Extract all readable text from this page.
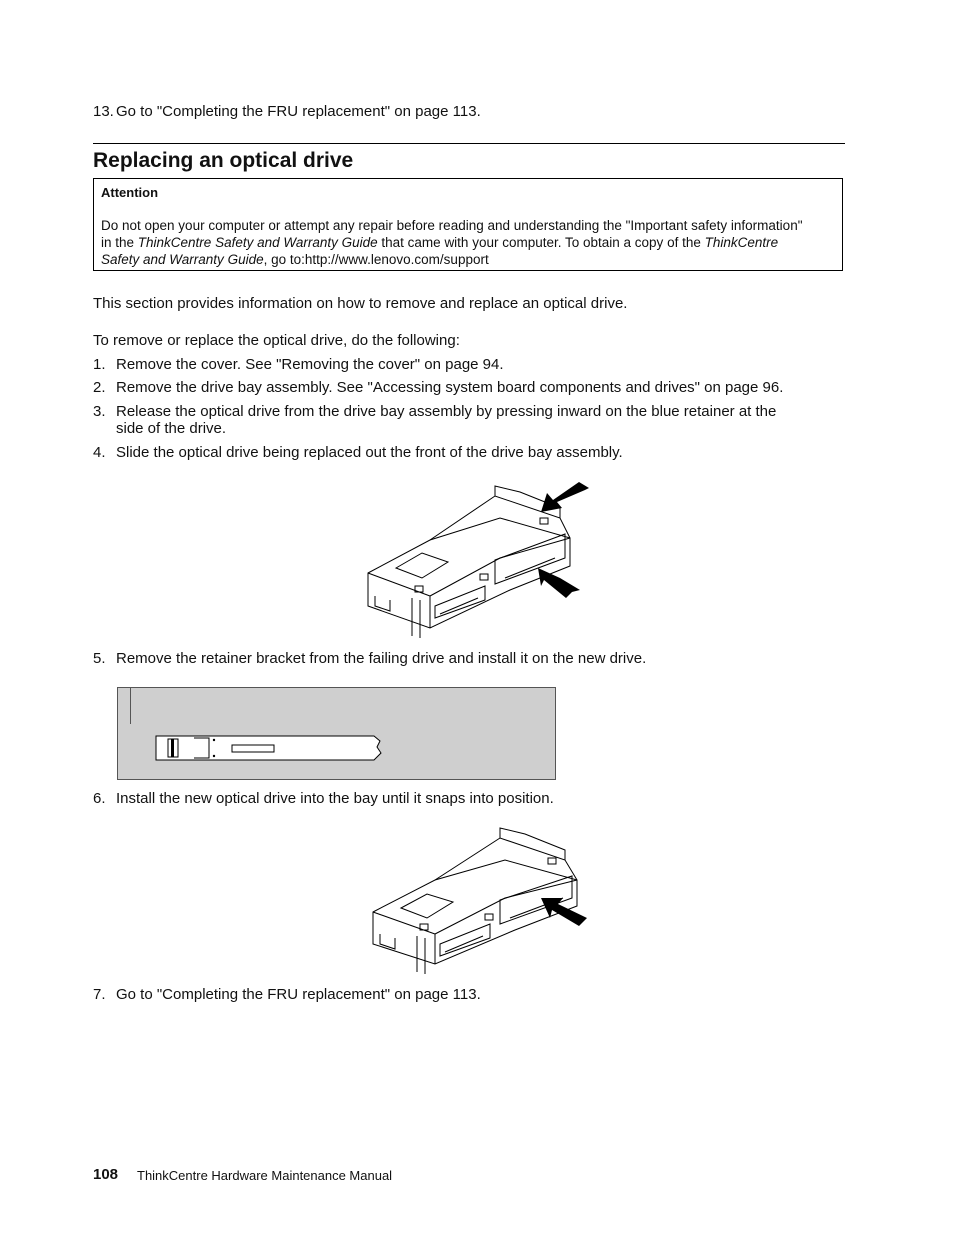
13. Go to "Completing the FRU replacement" on page 113.
Replacing an optical drive
Attention
Do not open your computer or attempt any repair before reading and understanding the "Important safety information"
in the ThinkCentre Safety and Warranty Guide that came with your computer. To obtain a copy of the ThinkCentre
Safety and Warranty Guide, go to:http://www.lenovo.com/support
This section provides information on how to remove and replace an optical drive.
To remove or replace the optical drive, do the following:
1. Remove the cover. See "Removing the cover" on page 94.
2. Remove the drive bay assembly. See "Accessing system board components and drives" on page 96.
3. Release the optical drive from the drive bay assembly by pressing inward on the blue retainer at the
side of the drive.
4. Slide the optical drive being replaced out the front of the drive bay assembly.
5. Remove the retainer bracket from the failing drive and install it on the new drive.
6. Install the new optical drive into the bay until it snaps into position.
7. Go to "Completing the FRU replacement" on page 113.
108 ThinkCentre Hardware Maintenance Manual
